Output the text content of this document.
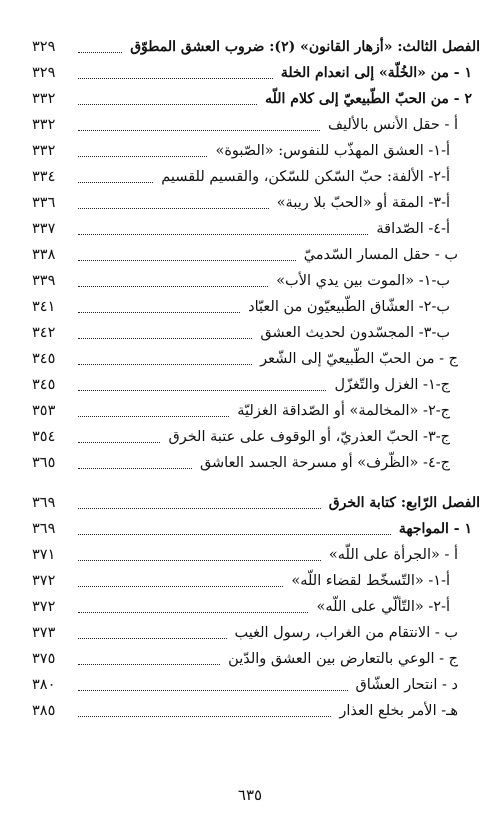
الفصل الثالث: «أزهار القانون» (٢): ضروب العشق المطوّق
٣٢٩
١ - من «الخُلّة» إلى انعدام الخلة
٣٢٩
٢ - من الحبّ الطّبيعيّ إلى كلام اللّه
٣٣٢
أ - حقل الأنس بالأليف
٣٣٢
أ-١- العشق المهذّب للنفوس: «الصّبوة»
٣٣٢
أ-٢- الألفة: حبّ السّكن للسّكن، والقسيم للقسيم
٣٣٤
أ-٣- المقة أو «الحبّ بلا ريبة»
٣٣٦
أ-٤- الصّداقة
٣٣٧
ب - حقل المسار السّدميّ
٣٣٨
ب-١- «الموت بين يدي الأب»
٣٣٩
ب-٢- العشّاق الطّبيعيّون من العبّاد
٣٤١
ب-٣- المجسّدون لحديث العشق
٣٤٢
ج - من الحبّ الطّبيعيّ إلى الشّعر
٣٤٥
ج-١- الغزل والتّغزّل
٣٤٥
ج-٢- «المخالمة» أو الصّداقة الغزليّة
٣٥٣
ج-٣- الحبّ العذريّ، أو الوقوف على عتبة الخرق
٣٥٤
ج-٤- «الظّرف» أو مسرحة الجسد العاشق
٣٦٥
الفصل الرّابع: كتابة الخرق
٣٦٩
١ - المواجهة
٣٦٩
أ - «الجرأة على اللّه»
٣٧١
أ-١- «التّسخّط لقضاء اللّه»
٣٧٢
أ-٢- «التّألّي على اللّه»
٣٧٢
ب - الانتقام من الغراب، رسول الغيب
٣٧٣
ج - الوعي بالتعارض بين العشق والدّين
٣٧٥
د - انتحار العشّاق
٣٨٠
هـ- الأمر بخلع العذار
٣٨٥
٦٣٥
